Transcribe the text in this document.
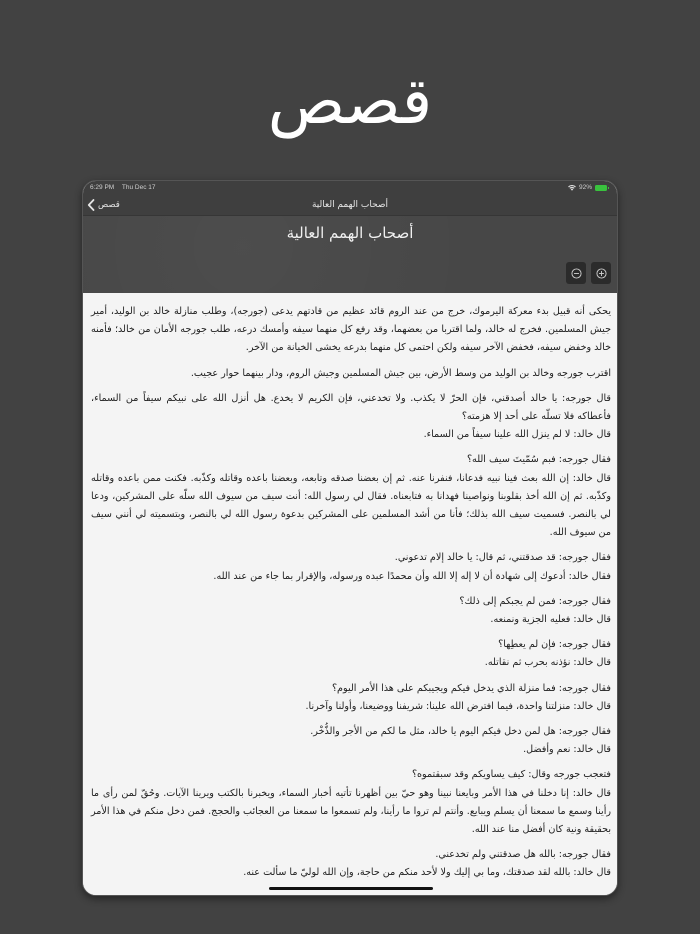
قصص
6:29 PM Thu Dec 17	92%
أصحاب الهمم العالية
قصص
أصحاب الهمم العالية
يحكى أنه قبيل بدء معركة اليرموك، خرج من عند الروم قائد عظيم من قادتهم يدعى (جورجه)، وطلب منازلة خالد بن الوليد، أمير جيش المسلمين. فخرج له خالد، ولما اقتربا من بعضهما، وقد رفع كل منهما سيفه وأمسك درعه، طلب جورجه الأمان من خالد؛ فأمنه خالد وخفض سيفه، فخفض الآخر سيفه ولكن احتمى كل منهما بدرعه يخشى الخيانة من الآخر.
اقترب جورجه وخالد بن الوليد من وسط الأرض، بين جيش المسلمين وجيش الروم، ودار بينهما حوار عجيب.
قال جورجه: يا خالد أصدقني، فإن الحرّ لا يكذب. ولا تخدعني، فإن الكريم لا يخدع. هل أنزل الله على نبيكم سيفاً من السماء، فأعطاكه فلا تسلّه على أحد إلا هزمته؟
قال خالد: لا لم ينزل الله علينا سيفاً من السماء.
فقال جورجه: فبم سُمّيتَ سيف الله؟
قال خالد: إن الله بعث فينا نبيه فدعانا، فنفرنا عنه. ثم إن بعضنا صدقه وتابعه، وبعضنا باعده وقاتله وكذّبه. فكنت ممن باعده وقاتله وكذّبه. ثم إن الله أخذ بقلوبنا ونواصينا فهدانا به فتابعناه. فقال لي رسول الله: أنت سيف من سيوف الله سلّه على المشركين، ودعا لي بالنصر. فسميت سيف الله بذلك؛ فأنا من أشد المسلمين على المشركين بدعوة رسول الله لي بالنصر، وبتسميته لي أنني سيف من سيوف الله.
فقال جورجه: قد صدقتني، ثم قال: يا خالد إلام تدعوني.
فقال خالد: أدعوك إلى شهادة أن لا إله إلا الله وأن محمدًا عبده ورسوله، والإقرار بما جاء من عند الله.
فقال جورجه: فمن لم يجبكم إلى ذلك؟
قال خالد: فعليه الجزية ونمنعه.
فقال جورجه: فإن لم يعطِها؟
قال خالد: نؤذنه بحرب ثم نقاتله.
فقال جورجه: فما منزلة الذي يدخل فيكم ويجيبكم على هذا الأمر اليوم؟
قال خالد: منزلتنا واحدة، فيما افترض الله علينا: شريفنا ووضيعنا، وأولنا وآخرنا.
فقال جورجه: هل لمن دخل فيكم اليوم يا خالد، مثل ما لكم من الأجر والذُّخْر.
قال خالد: نعم وأفضل.
فتعجب جورجه وقال: كيف يساويكم وقد سبقتموه؟
قال خالد: إنا دخلنا في هذا الأمر وبايعنا نبينا وهو حيّ بين أظهرنا تأتيه أخبار السماء، ويخبرنا بالكتب ويرينا الآيات. وحُقّ لمن رأى ما رأينا وسمع ما سمعنا أن يسلم ويبايع. وأنتم لم تروا ما رأينا، ولم تسمعوا ما سمعنا من العجائب والحجج. فمن دخل منكم في هذا الأمر بحقيقة ونية كان أفضل منا عند الله.
فقال جورجه: بالله هل صدقتني ولم تخدعني.
قال خالد: بالله لقد صدقتك، وما بي إليك ولا لأحد منكم من حاجة، وإن الله لوليّ ما سألت عنه.
